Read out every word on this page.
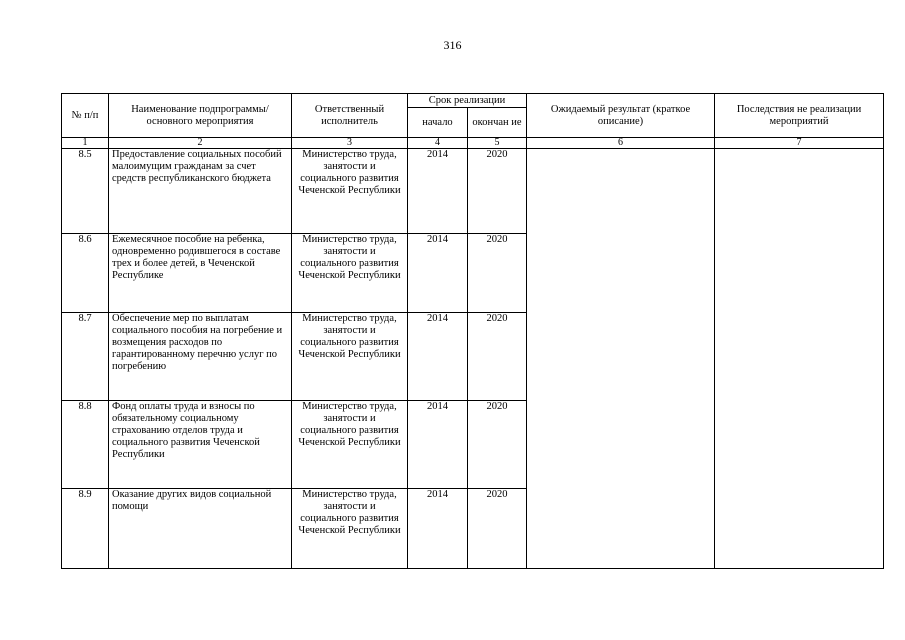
316
№ п/п	Наименование подпрограммы/ основного мероприятия	Ответственный исполнитель	Срок реализации		Ожидаемый результат (краткое описание)	Последствия не реализации мероприятий
			начало	окончан ие		
1	2	3	4	5	6	7
8.5	Предоставление социальных пособий малоимущим гражданам за счет средств республиканского бюджета	Министерство труда, занятости и социального развития Чеченской Республики	2014	2020		
8.6	Ежемесячное пособие на ребенка, одновременно родившегося в составе трех и более детей, в Чеченской Республике	Министерство труда, занятости и социального развития Чеченской Республики	2014	2020		
8.7	Обеспечение мер по выплатам социального пособия на погребение и возмещения расходов по гарантированному перечню услуг по погребению	Министерство труда, занятости и социального развития Чеченской Республики	2014	2020		
8.8	Фонд оплаты труда и взносы по обязательному социальному страхованию отделов труда и социального развития Чеченской Республики	Министерство труда, занятости и социального развития Чеченской Республики	2014	2020		
8.9	Оказание других видов социальной помощи	Министерство труда, занятости и социального развития Чеченской Республики	2014	2020		
